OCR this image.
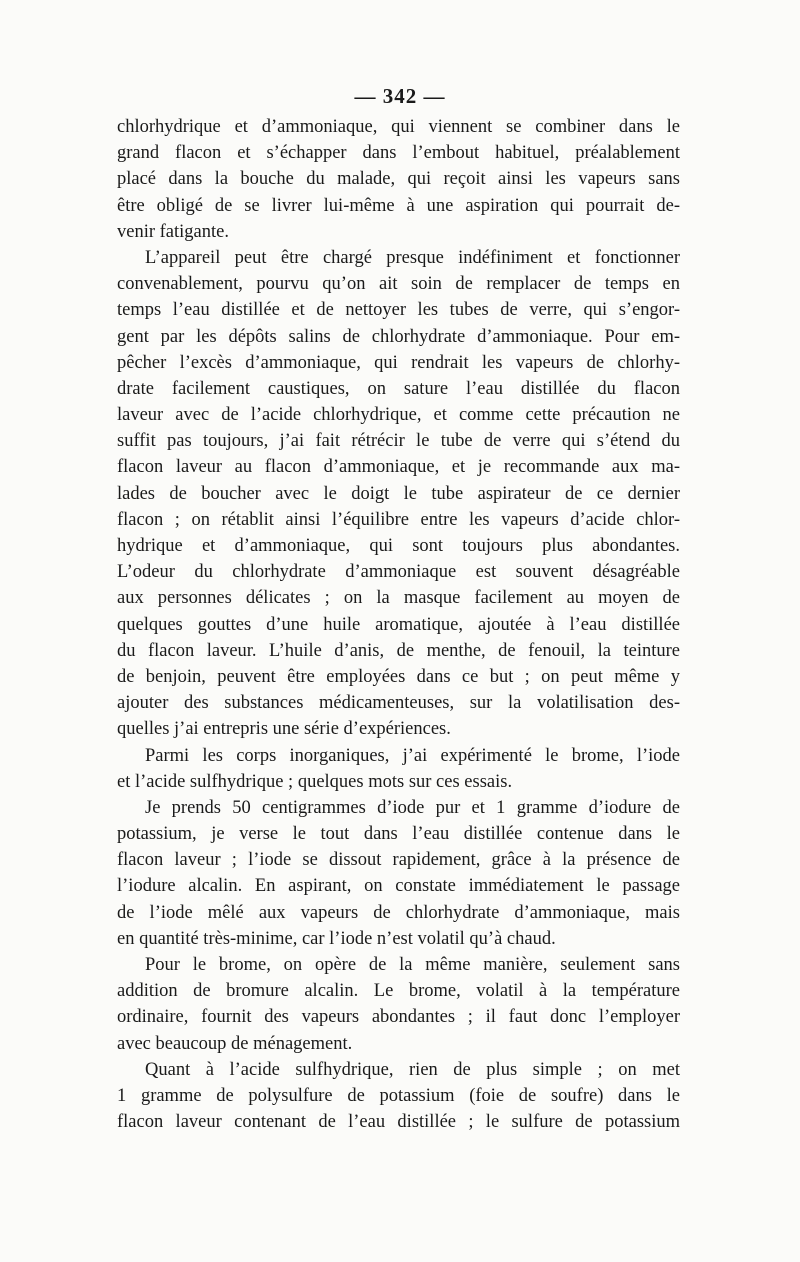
— 342 —
chlorhydrique et d’ammoniaque, qui viennent se combiner dans le
grand flacon et s’échapper dans l’embout habituel, préalablement
placé dans la bouche du malade, qui reçoit ainsi les vapeurs sans
être obligé de se livrer lui-même à une aspiration qui pourrait de-
venir fatigante.
L’appareil peut être chargé presque indéfiniment et fonctionner
convenablement, pourvu qu’on ait soin de remplacer de temps en
temps l’eau distillée et de nettoyer les tubes de verre, qui s’engor-
gent par les dépôts salins de chlorhydrate d’ammoniaque. Pour em-
pêcher l’excès d’ammoniaque, qui rendrait les vapeurs de chlorhy-
drate facilement caustiques, on sature l’eau distillée du flacon
laveur avec de l’acide chlorhydrique, et comme cette précaution ne
suffit pas toujours, j’ai fait rétrécir le tube de verre qui s’étend du
flacon laveur au flacon d’ammoniaque, et je recommande aux ma-
lades de boucher avec le doigt le tube aspirateur de ce dernier
flacon ; on rétablit ainsi l’équilibre entre les vapeurs d’acide chlor-
hydrique et d’ammoniaque, qui sont toujours plus abondantes.
L’odeur du chlorhydrate d’ammoniaque est souvent désagréable
aux personnes délicates ; on la masque facilement au moyen de
quelques gouttes d’une huile aromatique, ajoutée à l’eau distillée
du flacon laveur. L’huile d’anis, de menthe, de fenouil, la teinture
de benjoin, peuvent être employées dans ce but ; on peut même y
ajouter des substances médicamenteuses, sur la volatilisation des-
quelles j’ai entrepris une série d’expériences.
Parmi les corps inorganiques, j’ai expérimenté le brome, l’iode
et l’acide sulfhydrique ; quelques mots sur ces essais.
Je prends 50 centigrammes d’iode pur et 1 gramme d’iodure de
potassium, je verse le tout dans l’eau distillée contenue dans le
flacon laveur ; l’iode se dissout rapidement, grâce à la présence de
l’iodure alcalin. En aspirant, on constate immédiatement le passage
de l’iode mêlé aux vapeurs de chlorhydrate d’ammoniaque, mais
en quantité très-minime, car l’iode n’est volatil qu’à chaud.
Pour le brome, on opère de la même manière, seulement sans
addition de bromure alcalin. Le brome, volatil à la température
ordinaire, fournit des vapeurs abondantes ; il faut donc l’employer
avec beaucoup de ménagement.
Quant à l’acide sulfhydrique, rien de plus simple ; on met
1 gramme de polysulfure de potassium (foie de soufre) dans le
flacon laveur contenant de l’eau distillée ; le sulfure de potassium
